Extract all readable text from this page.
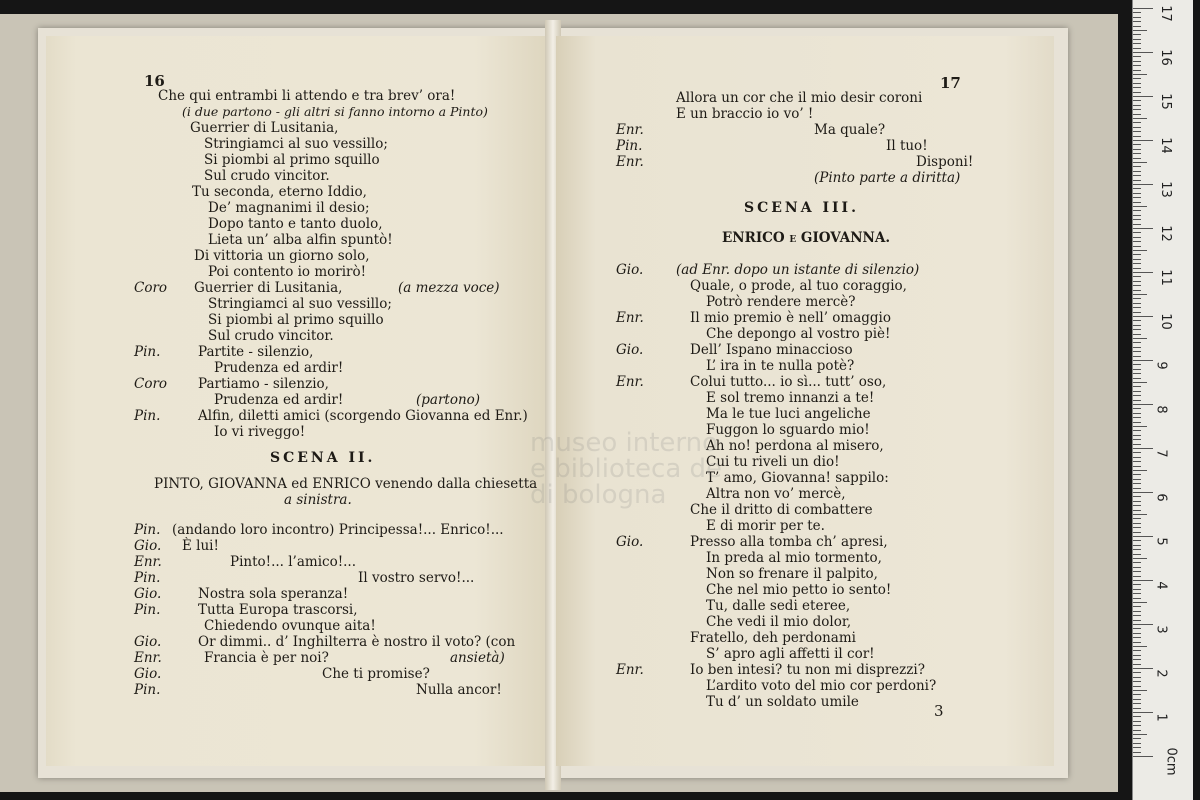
16
Che qui entrambi li attendo e tra brev’ ora!
(i due partono - gli altri si fanno intorno a Pinto)
Guerrier di Lusitania,
Stringiamci al suo vessillo;
Si piombi al primo squillo
Sul crudo vincitor.
Tu seconda, eterno Iddio,
De’ magnanimi il desio;
Dopo tanto e tanto duolo,
Lieta un’ alba alfin spuntò!
Di vittoria un giorno solo,
Poi contento io morirò!
Coro Guerrier di Lusitania,	(a mezza voce)
Stringiamci al suo vessillo;
Si piombi al primo squillo
Sul crudo vincitor.
Pin.	Partite - silenzio,
Prudenza ed ardir!
Coro Partiamo - silenzio,
Prudenza ed ardir!	(partono)
Pin.	Alfin, diletti amici (scorgendo Giovanna ed Enr.)
Io vi riveggo!
SCENA II.
PINTO, GIOVANNA ed ENRICO venendo dalla chiesetta
a sinistra.
Pin. (andando loro incontro) Principessa!... Enrico!...
Gio. È lui!
Enr.	Pinto!... l’amico!...
Pin.	Il vostro servo!...
Gio.	Nostra sola speranza!
Pin.	Tutta Europa trascorsi,
Chiedendo ovunque aita!
Gio.	Or dimmi.. d’ Inghilterra è nostro il voto? (con
Enr.	Francia è per noi?	ansietà)
Gio.	Che ti promise?
Pin.	Nulla ancor!
17
Allora un cor che il mio desir coroni
E un braccio io vo’ !
Enr.	Ma quale?
Pin.	Il tuo!
Enr.	Disponi!
(Pinto parte a diritta)
SCENA III.
ENRICO e GIOVANNA.
Gio. (ad Enr. dopo un istante di silenzio)
Quale, o prode, al tuo coraggio,
Potrò rendere mercè?
Enr.	Il mio premio è nell’ omaggio
Che depongo al vostro piè!
Gio.	Dell’ Ispano minaccioso
L’ ira in te nulla potè?
Enr.	Colui tutto... io sì... tutt’ oso,
E sol tremo innanzi a te!
Ma le tue luci angeliche
Fuggon lo sguardo mio!
Ah no! perdona al misero,
Cui tu riveli un dio!
T’ amo, Giovanna! sappilo:
Altra non vo’ mercè,
Che il dritto di combattere
E di morir per te.
Gio.	Presso alla tomba ch’ apresi,
In preda al mio tormento,
Non so frenare il palpito,
Che nel mio petto io sento!
Tu, dalle sedi eteree,
Che vedi il mio dolor,
Fratello, deh perdonami
S’ apro agli affetti il cor!
Enr.	Io ben intesi? tu non mi disprezzi?
L’ardito voto del mio cor perdoni?
Tu d’ un soldato umile	3
museo interno
e biblioteca de
di bologna
17
16
15
14
13
12
11
10
9
8
7
6
5
4
3
2
1
0cm
